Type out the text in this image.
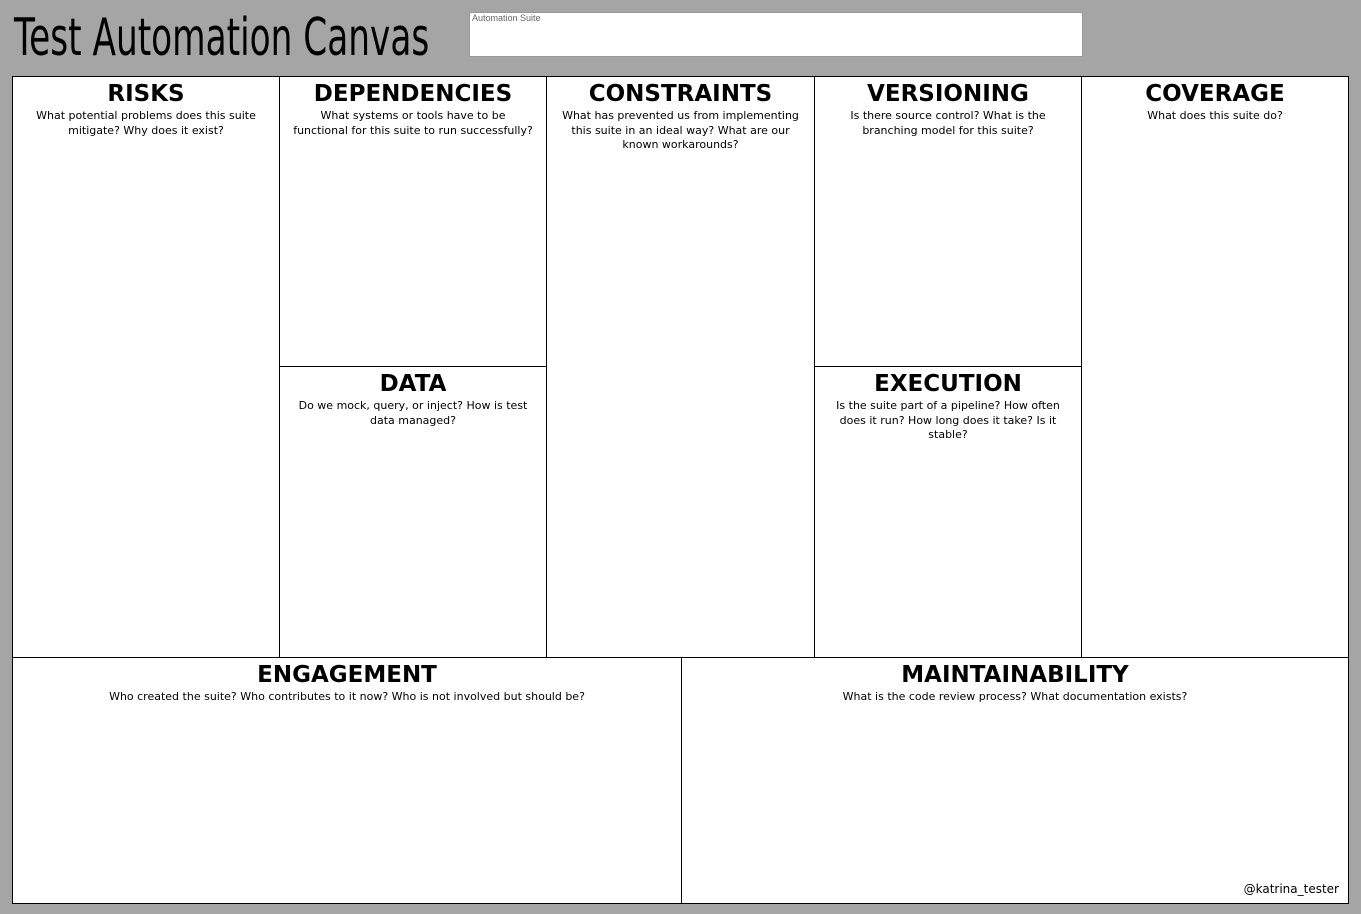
Test Automation Canvas	Automation Suite
RISKS

What potential problems does this suite mitigate? Why does it exist?

DEPENDENCIES

What systems or tools have to be functional for this suite to run successfully?

DATA

Do we mock, query, or inject? How is test data managed?

CONSTRAINTS

What has prevented us from implementing this suite in an ideal way? What are our known workarounds?

VERSIONING

Is there source control? What is the branching model for this suite?

EXECUTION

Is the suite part of a pipeline? How often does it run? How long does it take? Is it stable?

COVERAGE

What does this suite do?

ENGAGEMENT

Who created the suite? Who contributes to it now? Who is not involved but should be?

MAINTAINABILITY

What is the code review process? What documentation exists?

@katrina_tester
